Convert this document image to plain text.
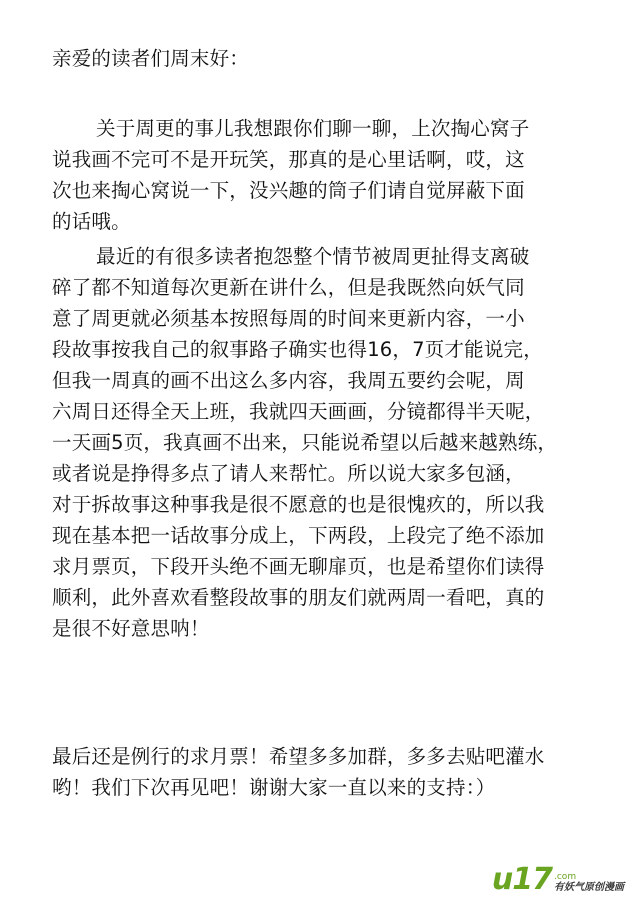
亲爱的读者们周末好：
关于周更的事儿我想跟你们聊一聊，上次掏心窝子
说我画不完可不是开玩笑，那真的是心里话啊，哎，这
次也来掏心窝说一下，没兴趣的筒子们请自觉屏蔽下面
的话哦。
最近的有很多读者抱怨整个情节被周更扯得支离破
碎了都不知道每次更新在讲什么，但是我既然向妖气同
意了周更就必须基本按照每周的时间来更新内容，一小
段故事按我自己的叙事路子确实也得16，7页才能说完，
但我一周真的画不出这么多内容，我周五要约会呢，周
六周日还得全天上班，我就四天画画，分镜都得半天呢，
一天画5页，我真画不出来，只能说希望以后越来越熟练，
或者说是挣得多点了请人来帮忙。所以说大家多包涵，
对于拆故事这种事我是很不愿意的也是很愧疚的，所以我
现在基本把一话故事分成上，下两段，上段完了绝不添加
求月票页，下段开头绝不画无聊扉页，也是希望你们读得
顺利，此外喜欢看整段故事的朋友们就两周一看吧，真的
是很不好意思呐！
最后还是例行的求月票！希望多多加群，多多去贴吧灌水
哟！我们下次再见吧！谢谢大家一直以来的支持：）
u17 .com
有妖气原创漫画
